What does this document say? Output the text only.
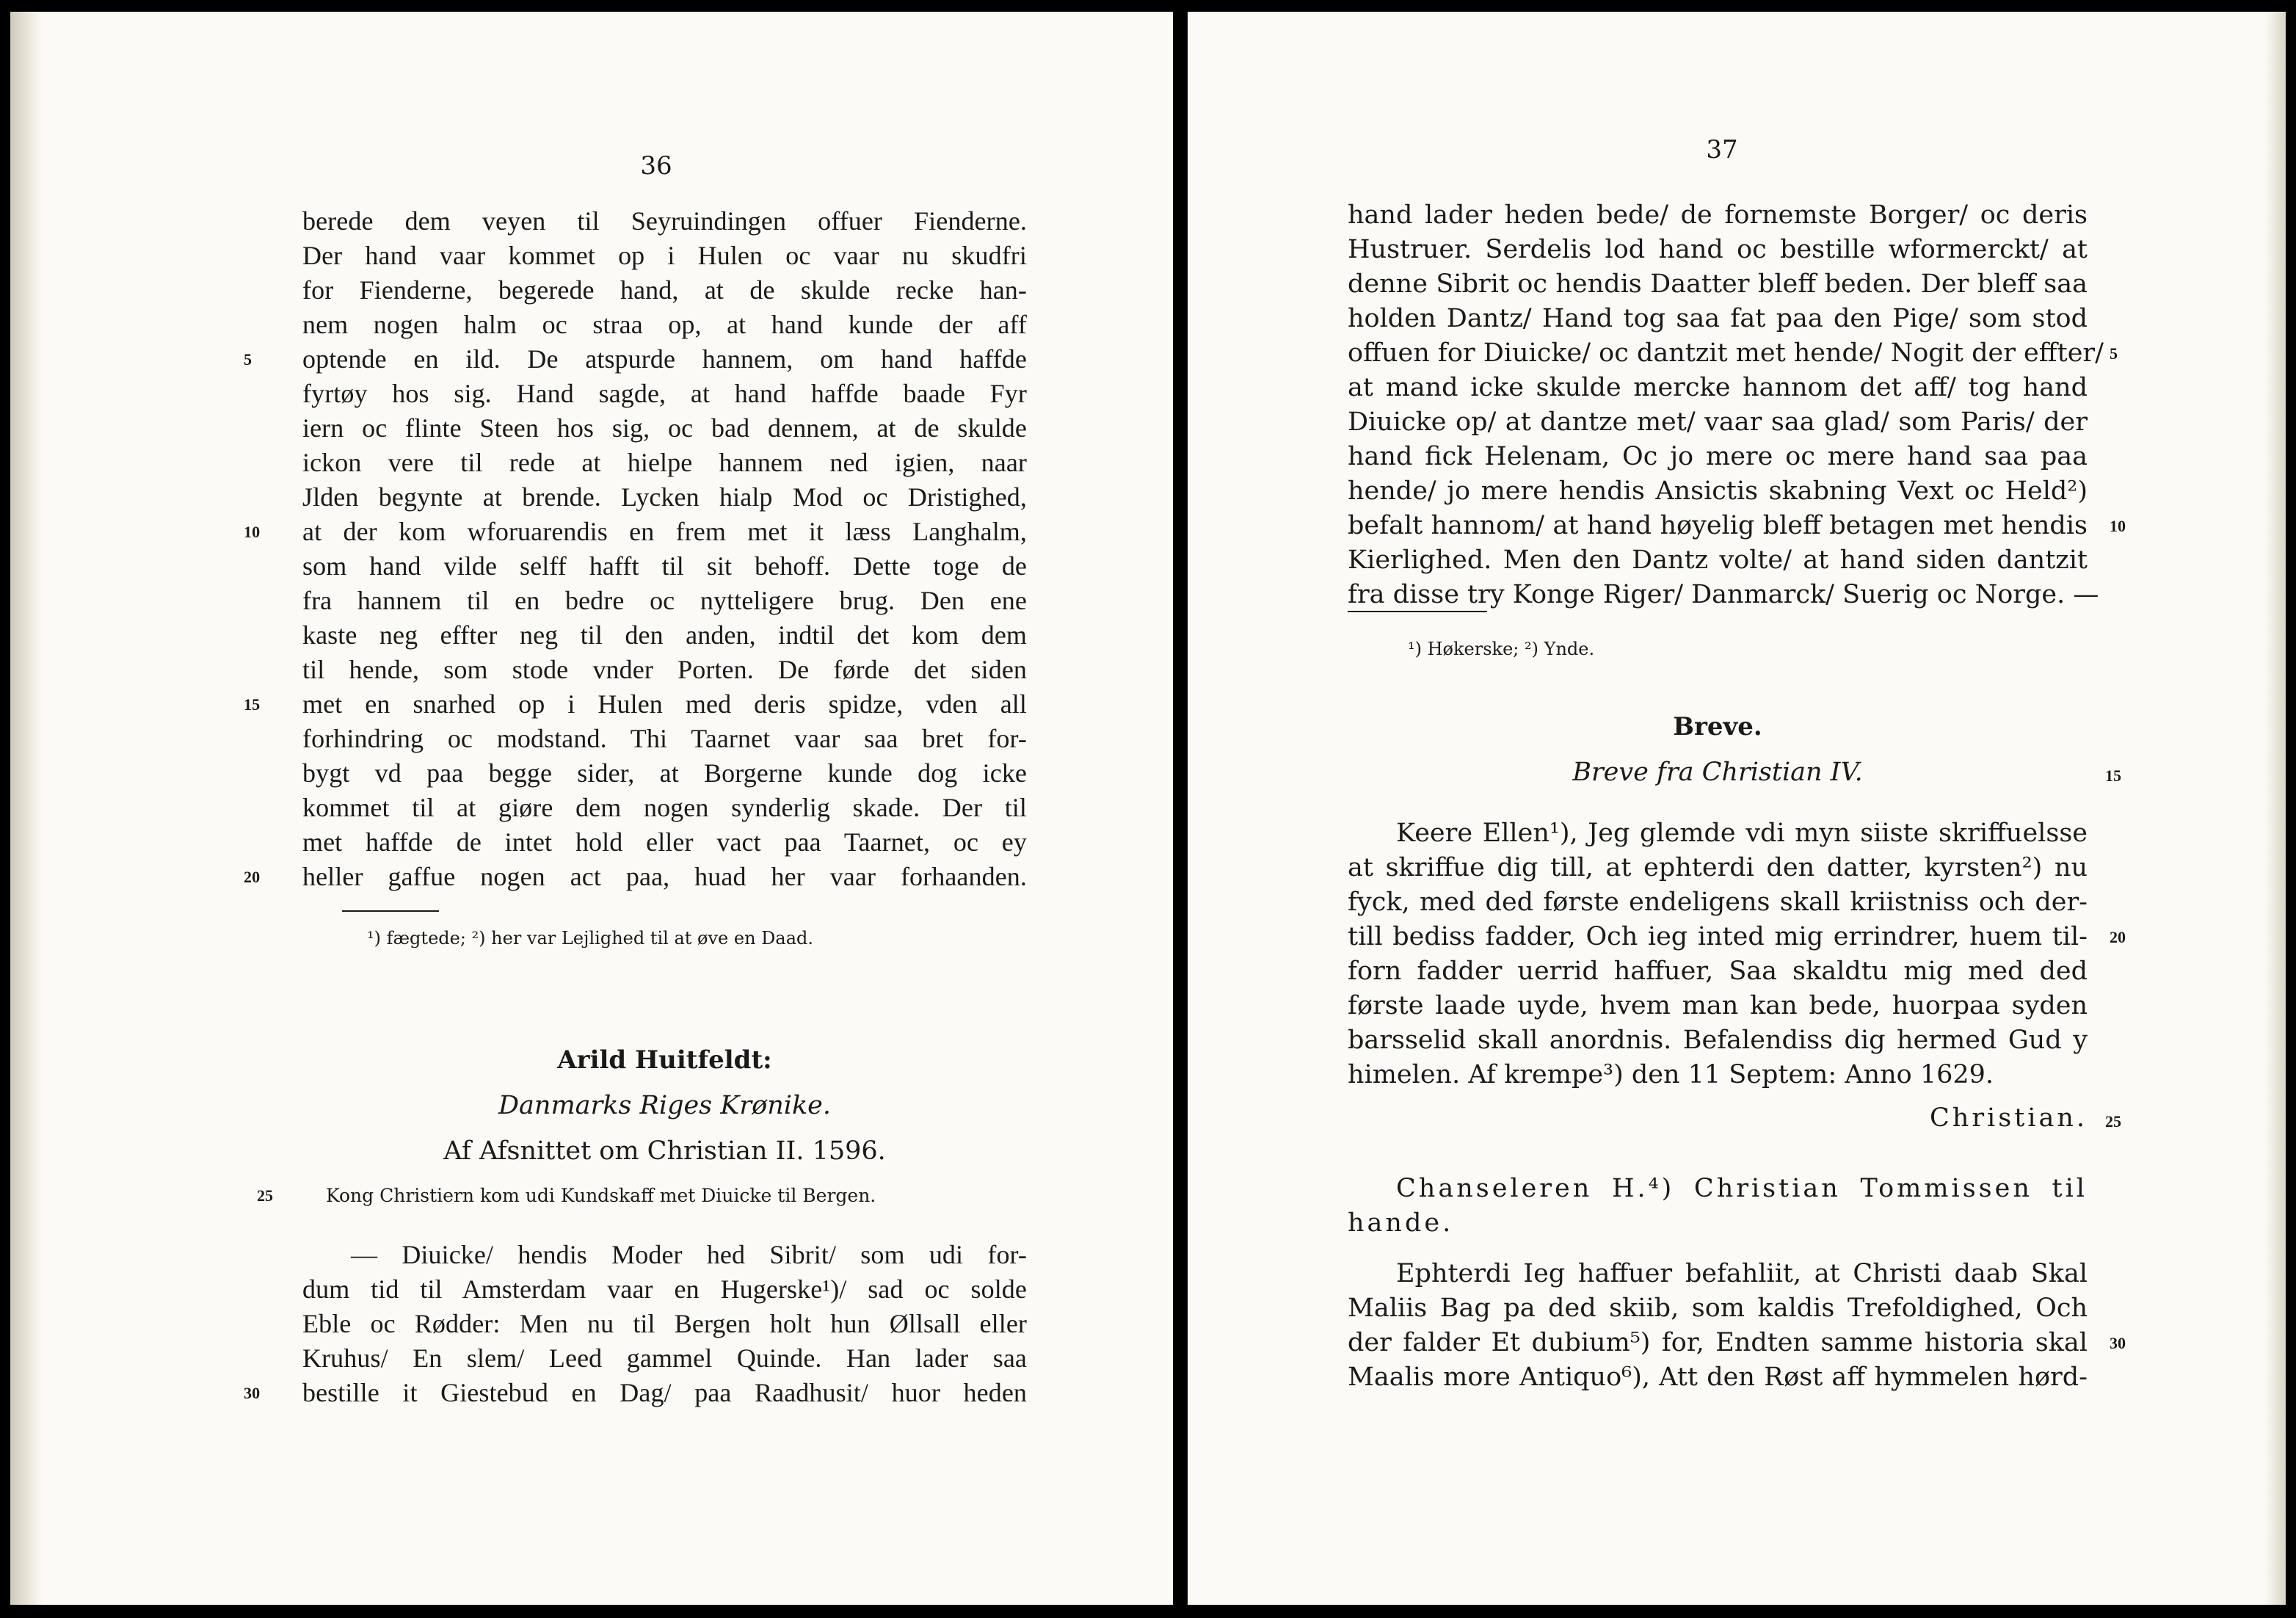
36
berede dem veyen til Seyruindingen offuer Fienderne.
Der hand vaar kommet op i Hulen oc vaar nu skudfri
for Fienderne, begerede hand, at de skulde recke han-
nem nogen halm oc straa op, at hand kunde der aff
optende en ild. De atspurde hannem, om hand haffde
5
fyrtøy hos sig. Hand sagde, at hand haffde baade Fyr
iern oc flinte Steen hos sig, oc bad dennem, at de skulde
ickon vere til rede at hielpe hannem ned igien, naar
Jlden begynte at brende. Lycken hialp Mod oc Dristighed,
at der kom wforuarendis en frem met it læss Langhalm,
10
som hand vilde selff hafft til sit behoff. Dette toge de
fra hannem til en bedre oc nytteligere brug. Den ene
kaste neg effter neg til den anden, indtil det kom dem
til hende, som stode vnder Porten. De førde det siden
met en snarhed op i Hulen med deris spidze, vden all
15
forhindring oc modstand. Thi Taarnet vaar saa bret for-
bygt vd paa begge sider, at Borgerne kunde dog icke
kommet til at giøre dem nogen synderlig skade. Der til
met haffde de intet hold eller vact paa Taarnet, oc ey
heller gaffue nogen act paa, huad her vaar forhaanden.
20
¹) fægtede; ²) her var Lejlighed til at øve en Daad.
Arild Huitfeldt:
Danmarks Riges Krønike.
Af Afsnittet om Christian II. 1596.
Kong Christiern kom udi Kundskaff met Diuicke til Bergen.
25
— Diuicke/ hendis Moder hed Sibrit/ som udi for-
dum tid til Amsterdam vaar en Hugerske¹)/ sad oc solde
Eble oc Rødder: Men nu til Bergen holt hun Øllsall eller
Kruhus/ En slem/ Leed gammel Quinde. Han lader saa
bestille it Giestebud en Dag/ paa Raadhusit/ huor heden
30
37
hand lader heden bede/ de fornemste Borger/ oc deris
Hustruer. Serdelis lod hand oc bestille wformerckt/ at
denne Sibrit oc hendis Daatter bleff beden. Der bleff saa
holden Dantz/ Hand tog saa fat paa den Pige/ som stod
offuen for Diuicke/ oc dantzit met hende/ Nogit der effter/ 5
at mand icke skulde mercke hannom det aff/ tog hand
Diuicke op/ at dantze met/ vaar saa glad/ som Paris/ der
hand fick Helenam, Oc jo mere oc mere hand saa paa
hende/ jo mere hendis Ansictis skabning Vext oc Held²)
befalt hannom/ at hand høyelig bleff betagen met hendis 10
Kierlighed. Men den Dantz volte/ at hand siden dantzit
fra disse try Konge Riger/ Danmarck/ Suerig oc Norge. —
¹) Høkerske; ²) Ynde.
Breve.
Breve fra Christian IV.	15
Keere Ellen¹), Jeg glemde vdi myn siiste skriffuelsse
at skriffue dig till, at ephterdi den datter, kyrsten²) nu
fyck, med ded første endeligens skall kriistniss och der-
till bediss fadder, Och ieg inted mig errindrer, huem til- 20
forn fadder uerrid haffuer, Saa skaldtu mig med ded
første laade uyde, hvem man kan bede, huorpaa syden
barsselid skall anordnis. Befalendiss dig hermed Gud y
himelen. Af krempe³) den 11 Septem: Anno 1629.
Christian. 25
Chanseleren H.⁴) Christian Tommissen til
hande.
Ephterdi Ieg haffuer befahliit, at Christi daab Skal
Maliis Bag pa ded skiib, som kaldis Trefoldighed, Och
der falder Et dubium⁵) for, Endten samme historia skal 30
Maalis more Antiquo⁶), Att den Røst aff hymmelen hørd-
